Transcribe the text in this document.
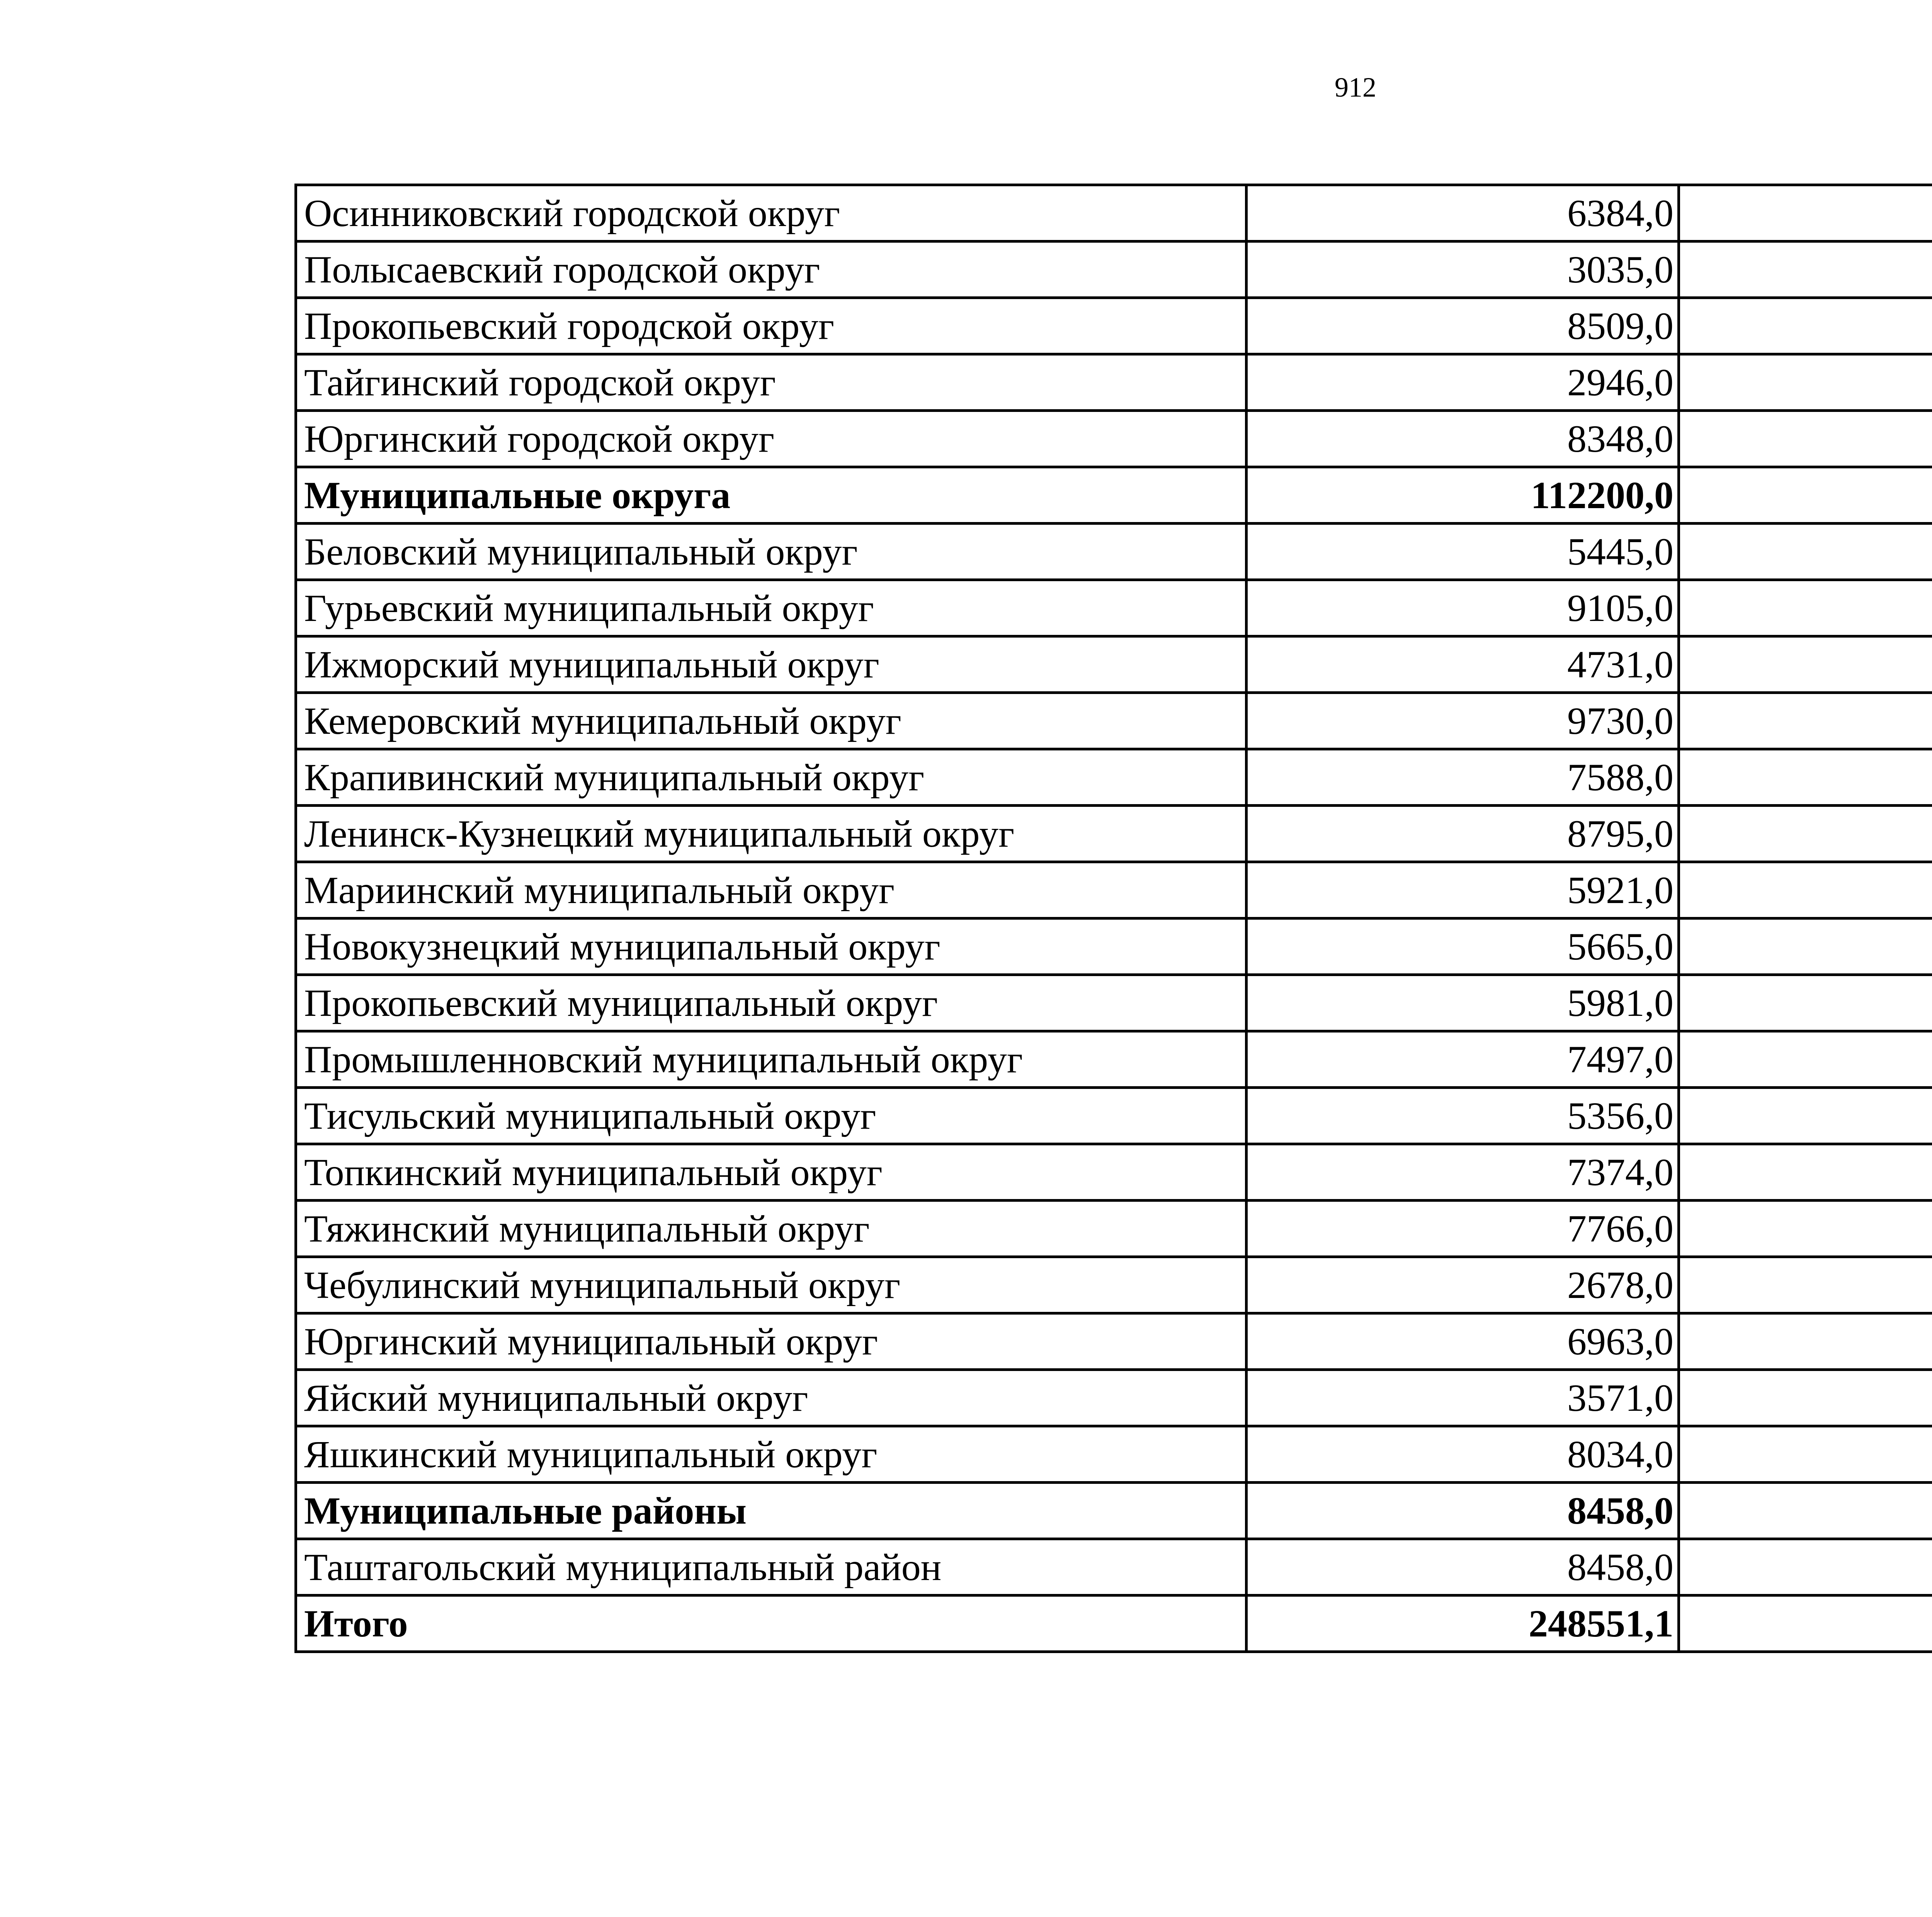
912
Осинниковский городской округ	6384,0		
Полысаевский городской округ	3035,0		
Прокопьевский городской округ	8509,0		
Тайгинский городской округ	2946,0		
Юргинский городской округ	8348,0		
Муниципальные округа	112200,0		
Беловский муниципальный округ	5445,0		
Гурьевский муниципальный округ	9105,0		
Ижморский муниципальный округ	4731,0		
Кемеровский муниципальный округ	9730,0		
Крапивинский муниципальный округ	7588,0		
Ленинск-Кузнецкий муниципальный округ	8795,0		
Мариинский муниципальный округ	5921,0		
Новокузнецкий муниципальный округ	5665,0		
Прокопьевский муниципальный округ	5981,0		
Промышленновский муниципальный округ	7497,0		
Тисульский муниципальный округ	5356,0		
Топкинский муниципальный округ	7374,0		
Тяжинский муниципальный округ	7766,0		
Чебулинский муниципальный округ	2678,0		
Юргинский муниципальный округ	6963,0		
Яйский муниципальный округ	3571,0		
Яшкинский муниципальный округ	8034,0		
Муниципальные районы	8458,0		
Таштагольский муниципальный район	8458,0		
Итого	248551,1		
